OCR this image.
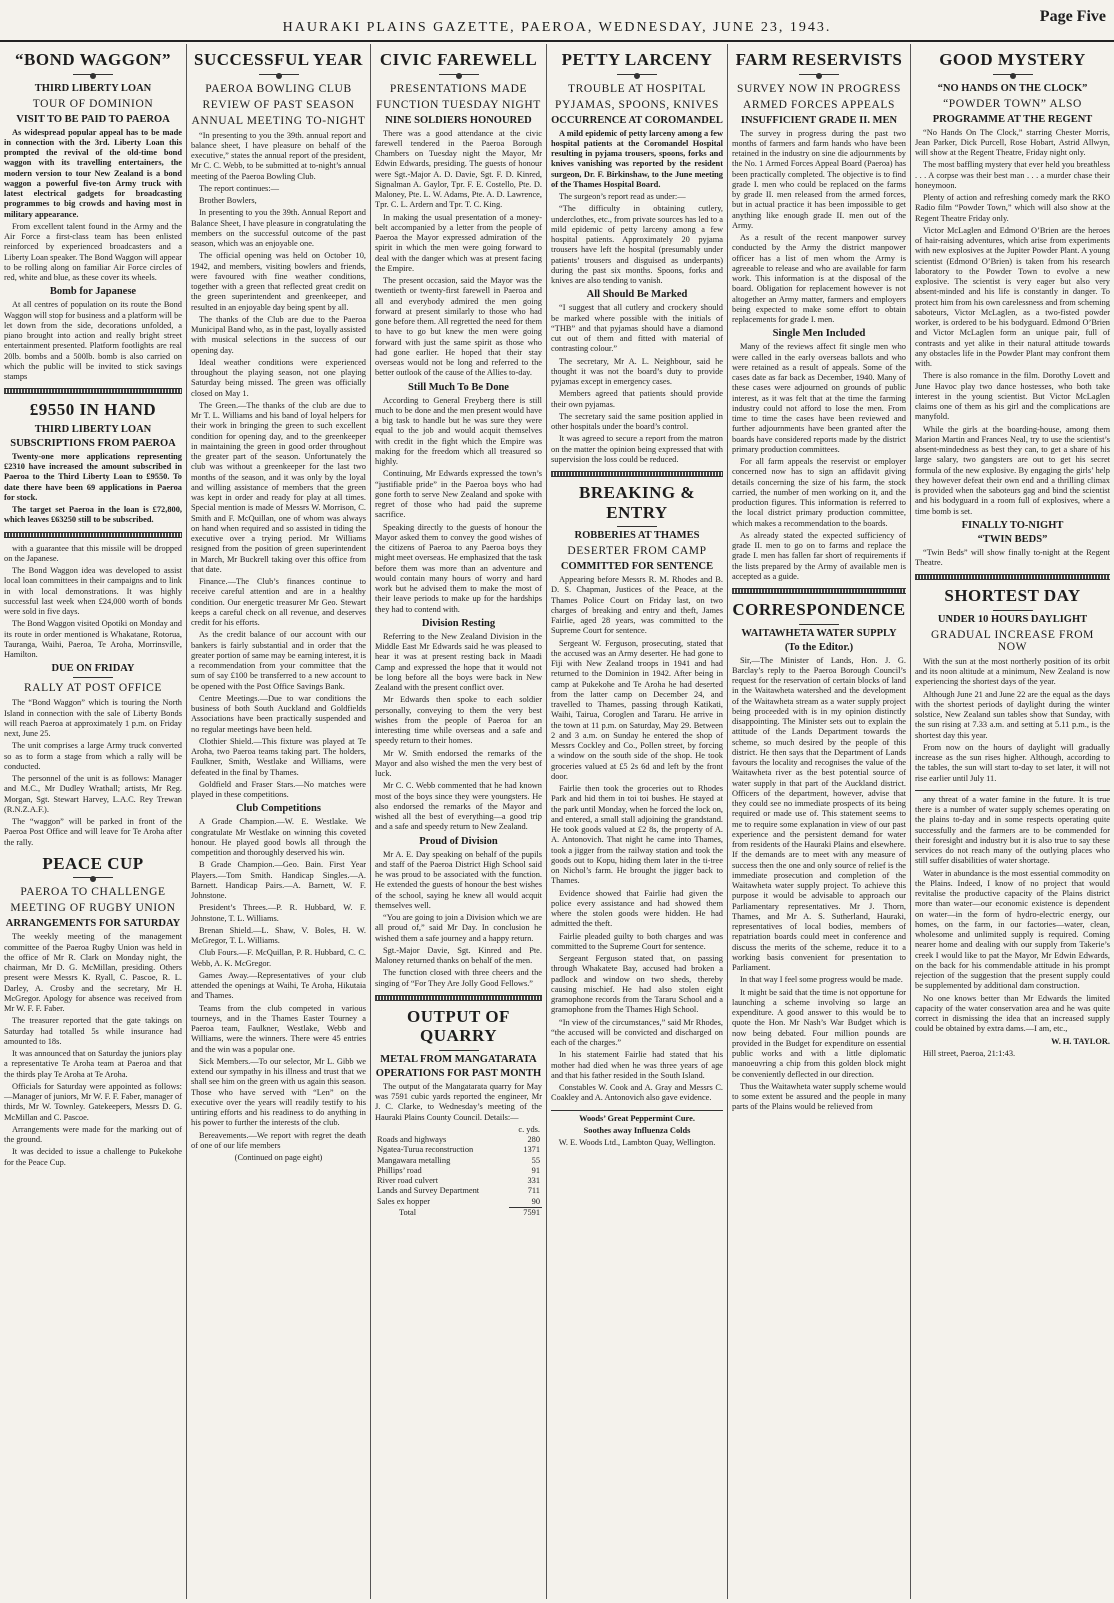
HAURAKI PLAINS GAZETTE, PAEROA, WEDNESDAY, JUNE 23, 1943.
Page Five
“BOND WAGGON”
THIRD LIBERTY LOAN
TOUR OF DOMINION
VISIT TO BE PAID TO PAEROA

As widespread popular appeal has to be made in connection with the 3rd. Liberty Loan this prompted the revival of the old-time bond waggon with its travelling entertainers, the modern version to tour New Zealand is a bond waggon a powerful five-ton Army truck with latest electrical gadgets for broadcasting programmes to big crowds and having most in military appearance.

From excellent talent found in the Army and the Air Force a first-class team has been enlisted reinforced by experienced broadcasters and a Liberty Loan speaker. The Bond Waggon will appear to be rolling along on familiar Air Force circles of red, white and blue, as these cover its wheels.

Bomb for Japanese

At all centres of population on its route the Bond Waggon will stop for business and a platform will be let down from the side, decorations unfolded, a piano brought into action and really bright street entertainment presented. Platform footlights are real 20lb. bombs and a 500lb. bomb is also carried on which the public will be invited to stick savings stamps

£9550 IN HAND
THIRD LIBERTY LOAN
SUBSCRIPTIONS FROM PAEROA

Twenty-one more applications representing £2310 have increased the amount subscribed in Paeroa to the Third Liberty Loan to £9550. To date there have been 69 applications in Paeroa for stock.

The target set Paeroa in the loan is £72,800, which leaves £63250 still to be subscribed.

with a guarantee that this missile will be dropped on the Japanese.

The Bond Waggon idea was developed to assist local loan committees in their campaigns and to link in with local demonstrations. It was highly successful last week when £24,000 worth of bonds were sold in five days.

The Bond Waggon visited Opotiki on Monday and its route in order mentioned is Whakatane, Rotorua, Tauranga, Waihi, Paeroa, Te Aroha, Morrinsville, Hamilton.

DUE ON FRIDAY
RALLY AT POST OFFICE

The “Bond Waggon” which is touring the North Island in connection with the sale of Liberty Bonds will reach Paeroa at approximately 1 p.m. on Friday next, June 25.

The unit comprises a large Army truck converted so as to form a stage from which a rally will be conducted.

The personnel of the unit is as follows: Manager and M.C., Mr Dudley Wrathall; artists, Mr Reg. Morgan, Sgt. Stewart Harvey, L.A.C. Rey Trewan (R.N.Z.A.F.).

The “waggon” will be parked in front of the Paeroa Post Office and will leave for Te Aroha after the rally.

PEACE CUP
PAEROA TO CHALLENGE
MEETING OF RUGBY UNION
ARRANGEMENTS FOR SATURDAY

The weekly meeting of the management committee of the Paeroa Rugby Union was held in the office of Mr R. Clark on Monday night, the chairman, Mr D. G. McMillan, presiding. Others present were Messrs K. Ryall, C. Pascoe, R. L. Darley, A. Crosby and the secretary, Mr H. McGregor. Apology for absence was received from Mr W. F. F. Faber.

The treasurer reported that the gate takings on Saturday had totalled 5s while insurance had amounted to 18s.

It was announced that on Saturday the juniors play a representative Te Aroha team at Paeroa and that the thirds play Te Aroha at Te Aroha.

Officials for Saturday were appointed as follows:—Manager of juniors, Mr W. F. F. Faber, manager of thirds, Mr W. Townley. Gatekeepers, Messrs D. G. McMillan and C. Pascoe.

Arrangements were made for the marking out of the ground.

It was decided to issue a challenge to Pukekohe for the Peace Cup.

SUCCESSFUL YEAR
PAEROA BOWLING CLUB
REVIEW OF PAST SEASON
ANNUAL MEETING TO-NIGHT

“In presenting to you the 39th. annual report and balance sheet, I have pleasure on behalf of the executive,” states the annual report of the president, Mr C. C. Webb, to be submitted at to-night’s annual meeting of the Paeroa Bowling Club.

The report continues:—

Brother Bowlers,

In presenting to you the 39th. Annual Report and Balance Sheet, I have pleasure in congratulating the members on the successful outcome of the past season, which was an enjoyable one.

The official opening was held on October 10, 1942, and members, visiting bowlers and friends, were favoured with fine weather conditions, together with a green that reflected great credit on the green superintendent and greenkeeper, and resulted in an enjoyable day being spent by all.

The thanks of the Club are due to the Paeroa Municipal Band who, as in the past, loyally assisted with musical selections in the success of our opening day.

Ideal weather conditions were experienced throughout the playing season, not one playing Saturday being missed. The green was officially closed on May 1.

The Green.—The thanks of the club are due to Mr T. L. Williams and his band of loyal helpers for their work in bringing the green to such excellent condition for opening day, and to the greenkeeper in maintaining the green in good order throughout the greater part of the season. Unfortunately the club was without a greenkeeper for the last two months of the season, and it was only by the loyal and willing assistance of members that the green was kept in order and ready for play at all times. Special mention is made of Messrs W. Morrison, C. Smith and F. McQuillan, one of whom was always on hand when required and so assisted in tiding the executive over a trying period. Mr Williams resigned from the position of green superintendent in March, Mr Buckrell taking over this office from that date.

Finance.—The Club’s finances continue to receive careful attention and are in a healthy condition. Our energetic treasurer Mr Geo. Stewart keeps a careful check on all revenue, and deserves credit for his efforts.

As the credit balance of our account with our bankers is fairly substantial and in order that the greater portion of same may be earning interest, it is a recommendation from your committee that the sum of say £100 be transferred to a new account to be opened with the Post Office Savings Bank.

Centre Meetings.—Due to war conditions the business of both South Auckland and Goldfields Associations have been practically suspended and no regular meetings have been held.

Clothier Shield.—This fixture was played at Te Aroha, two Paeroa teams taking part. The holders, Faulkner, Smith, Westlake and Williams, were defeated in the final by Thames.

Goldfield and Fraser Stars.—No matches were played in these competitions.

Club Competitions

A Grade Champion.—W. E. Westlake. We congratulate Mr Westlake on winning this coveted honour. He played good bowls all through the competition and thoroughly deserved his win.

B Grade Champion.—Geo. Bain. First Year Players.—Tom Smith. Handicap Singles.—A. Barnett. Handicap Pairs.—A. Barnett, W. F. Johnstone.

President’s Threes.—P. R. Hubbard, W. F. Johnstone, T. L. Williams.

Brenan Shield.—L. Shaw, V. Boles, H. W. McGregor, T. L. Williams.

Club Fours.—F. McQuillan, P. R. Hubbard, C. C. Webb, A. K. McGregor.

Games Away.—Representatives of your club attended the openings at Waihi, Te Aroha, Hikutaia and Thames.

Teams from the club competed in various tourneys, and in the Thames Easter Tourney a Paeroa team, Faulkner, Westlake, Webb and Williams, were the winners. There were 45 entries and the win was a popular one.

Sick Members.—To our selector, Mr L. Gibb we extend our sympathy in his illness and trust that we shall see him on the green with us again this season. Those who have served with “Len” on the executive over the years will readily testify to his untiring efforts and his readiness to do anything in his power to further the interests of the club.

Bereavements.—We report with regret the death of one of our life members

(Continued on page eight)

CIVIC FAREWELL
PRESENTATIONS MADE
FUNCTION TUESDAY NIGHT
NINE SOLDIERS HONOURED

There was a good attendance at the civic farewell tendered in the Paeroa Borough Chambers on Tuesday night the Mayor, Mr Edwin Edwards, presiding. The guests of honour were Sgt.-Major A. D. Davie, Sgt. F. D. Kinred, Signalman A. Gaylor, Tpr. F. E. Costello, Pte. D. Maloney, Pte. L. W. Adams, Pte. A. D. Lawrence, Tpr. C. L. Ardern and Tpr. T. C. King.

In making the usual presentation of a money-belt accompanied by a letter from the people of Paeroa the Mayor expressed admiration of the spirit in which the men were going forward to deal with the danger which was at present facing the Empire.

The present occasion, said the Mayor was the twentieth or twenty-first farewell in Paeroa and all and everybody admired the men going forward at present similarly to those who had gone before them. All regretted the need for them to have to go but knew the men were going forward with just the same spirit as those who had gone earlier. He hoped that their stay overseas would not be long and referred to the better outlook of the cause of the Allies to-day.

Still Much To Be Done

According to General Freyberg there is still much to be done and the men present would have a big task to handle but he was sure they were equal to the job and would acquit themselves with credit in the fight which the Empire was making for the freedom which all treasured so highly.

Continuing, Mr Edwards expressed the town’s “justifiable pride” in the Paeroa boys who had gone forth to serve New Zealand and spoke with regret of those who had paid the supreme sacrifice.

Speaking directly to the guests of honour the Mayor asked them to convey the good wishes of the citizens of Paeroa to any Paeroa boys they might meet overseas. He emphasized that the task before them was more than an adventure and would contain many hours of worry and hard work but he advised them to make the most of their leave periods to make up for the hardships they had to contend with.

Division Resting

Referring to the New Zealand Division in the Middle East Mr Edwards said he was pleased to hear it was at present resting back in Maadi Camp and expressed the hope that it would not be long before all the boys were back in New Zealand with the present conflict over.

Mr Edwards then spoke to each soldier personally, conveying to them the very best wishes from the people of Paeroa for an interesting time while overseas and a safe and speedy return to their homes.

Mr W. Smith endorsed the remarks of the Mayor and also wished the men the very best of luck.

Mr C. C. Webb commented that he had known most of the boys since they were youngsters. He also endorsed the remarks of the Mayor and wished all the best of everything—a good trip and a safe and speedy return to New Zealand.

Proud of Division

Mr A. E. Day speaking on behalf of the pupils and staff of the Paeroa District High School said he was proud to be associated with the function. He extended the guests of honour the best wishes of the school, saying he knew all would acquit themselves well.

“You are going to join a Division which we are all proud of,” said Mr Day. In conclusion he wished them a safe journey and a happy return.

Sgt.-Major Davie, Sgt. Kinred and Pte. Maloney returned thanks on behalf of the men.

The function closed with three cheers and the singing of “For They Are Jolly Good Fellows.”

OUTPUT OF QUARRY
METAL FROM MANGATARATA
OPERATIONS FOR PAST MONTH

The output of the Mangatarata quarry for May was 7591 cubic yards reported the engineer, Mr J. C. Clarke, to Wednesday’s meeting of the Hauraki Plains County Council. Details:—

	c. yds.
Roads and highways	280
Ngatea-Turua reconstruction	1371
Mangawara metalling	55
Phillips’ road	91
River road culvert	331
Lands and Survey Department	711
Sales ex hopper	90
Total	7591
PETTY LARCENY
TROUBLE AT HOSPITAL
PYJAMAS, SPOONS, KNIVES
OCCURRENCE AT COROMANDEL

A mild epidemic of petty larceny among a few hospital patients at the Coromandel Hospital resulting in pyjama trousers, spoons, forks and knives vanishing was reported by the resident surgeon, Dr. F. Birkinshaw, to the June meeting of the Thames Hospital Board.

The surgeon’s report read as under:—

“The difficulty in obtaining cutlery, underclothes, etc., from private sources has led to a mild epidemic of petty larceny among a few hospital patients. Approximately 20 pyjama trousers have left the hospital (presumably under patients’ trousers and disguised as underpants) during the past six months. Spoons, forks and knives are also tending to vanish.

All Should Be Marked

“I suggest that all cutlery and crockery should be marked where possible with the initials of “THB” and that pyjamas should have a diamond cut out of them and fitted with material of contrasting colour.”

The secretary, Mr A. L. Neighbour, said he thought it was not the board’s duty to provide pyjamas except in emergency cases.

Members agreed that patients should provide their own pyjamas.

The secretary said the same position applied in other hospitals under the board’s control.

It was agreed to secure a report from the matron on the matter the opinion being expressed that with supervision the loss could be reduced.

BREAKING & ENTRY
ROBBERIES AT THAMES
DESERTER FROM CAMP
COMMITTED FOR SENTENCE

Appearing before Messrs R. M. Rhodes and B. D. S. Chapman, Justices of the Peace, at the Thames Police Court on Friday last, on two charges of breaking and entry and theft, James Fairlie, aged 28 years, was committed to the Supreme Court for sentence.

Sergeant W. Ferguson, prosecuting, stated that the accused was an Army deserter. He had gone to Fiji with New Zealand troops in 1941 and had returned to the Dominion in 1942. After being in camp at Pukekohe and Te Aroha he had deserted from the latter camp on December 24, and travelled to Thames, passing through Katikati, Waihi, Tairua, Coroglen and Tararu. He arrive in the town at 11 p.m. on Saturday, May 29. Between 2 and 3 a.m. on Sunday he entered the shop of Messrs Cockley and Co., Pollen street, by forcing a window on the south side of the shop. He took groceries valued at £5 2s 6d and left by the front door.

Fairlie then took the groceries out to Rhodes Park and hid them in toi toi bushes. He stayed at the park until Monday, when he forced the lock on, and entered, a small stall adjoining the grandstand. He took goods valued at £2 8s, the property of A. A. Antonovich. That night he came into Thames, took a jigger from the railway station and took the goods out to Kopu, hiding them later in the ti-tree on Nichol’s farm. He brought the jigger back to Thames.

Evidence showed that Fairlie had given the police every assistance and had showed them where the stolen goods were hidden. He had admitted the theft.

Fairlie pleaded guilty to both charges and was committed to the Supreme Court for sentence.

Sergeant Ferguson stated that, on passing through Whakatete Bay, accused had broken a padlock and window on two sheds, thereby causing mischief. He had also stolen eight gramophone records from the Tararu School and a gramophone from the Thames High School.

“In view of the circumstances,” said Mr Rhodes, “the accused will be convicted and discharged on each of the charges.”

In his statement Fairlie had stated that his mother had died when he was three years of age and that his father resided in the South Island.

Constables W. Cook and A. Gray and Messrs C. Coakley and A. Antonovich also gave evidence.

Woods’ Great Peppermint Cure.

Soothes away Influenza Colds

W. E. Woods Ltd., Lambton Quay, Wellington.

FARM RESERVISTS
SURVEY NOW IN PROGRESS
ARMED FORCES APPEALS
INSUFFICIENT GRADE II. MEN

The survey in progress during the past two months of farmers and farm hands who have been retained in the industry on sine die adjournments by the No. 1 Armed Forces Appeal Board (Paeroa) has been practically completed. The objective is to find grade I. men who could be replaced on the farms by grade II. men released from the armed forces, but in actual practice it has been impossible to get anything like enough grade II. men out of the Army.

As a result of the recent manpower survey conducted by the Army the district manpower officer has a list of men whom the Army is agreeable to release and who are available for farm work. This information is at the disposal of the board. Obligation for replacement however is not altogether an Army matter, farmers and employers being expected to make some effort to obtain replacements for grade I. men.

Single Men Included

Many of the reviews affect fit single men who were called in the early overseas ballots and who were retained as a result of appeals. Some of the cases date as far back as December, 1940. Many of these cases were adjourned on grounds of public interest, as it was felt that at the time the farming industry could not afford to lose the men. From time to time the cases have been reviewed and further adjournments have been granted after the boards have considered reports made by the district primary production committees.

For all farm appeals the reservist or employer concerned now has to sign an affidavit giving details concerning the size of his farm, the stock carried, the number of men working on it, and the production figures. This information is referred to the local district primary production committee, which makes a recommendation to the boards.

As already stated the expected sufficiency of grade II. men to go on to farms and replace the grade I. men has fallen far short of requirements if the lists prepared by the Army of available men is accepted as a guide.

CORRESPONDENCE
WAITAWHETA WATER SUPPLY
(To the Editor.)

Sir,—The Minister of Lands, Hon. J. G. Barclay’s reply to the Paeroa Borough Council’s request for the reservation of certain blocks of land in the Waitawheta watershed and the development of the Waitawheta stream as a water supply project being proceeded with is in my opinion distinctly disappointing. The Minister sets out to explain the attitude of the Lands Department towards the scheme, so much desired by the people of this district. He then says that the Department of Lands favours the locality and recognises the value of the Waitawheta river as the best potential source of water supply in that part of the Auckland district. Officers of the department, however, advise that they could see no immediate prospects of its being required or made use of. This statement seems to me to require some explanation in view of our past experience and the persistent demand for water from residents of the Hauraki Plains and elsewhere. If the demands are to meet with any measure of success then the one and only source of relief is the immediate prosecution and completion of the Waitawheta water supply project. To achieve this purpose it would be advisable to approach our Parliamentary representatives. Mr J. Thorn, Thames, and Mr A. S. Sutherland, Hauraki, representatives of local bodies, members of repatriation boards could meet in conference and discuss the merits of the scheme, reduce it to a working basis convenient for presentation to Parliament.

In that way I feel some progress would be made.

It might be said that the time is not opportune for launching a scheme involving so large an expenditure. A good answer to this would be to quote the Hon. Mr Nash’s War Budget which is now being debated. Four million pounds are provided in the Budget for expenditure on essential public works and with a little diplomatic manoeuvring a chip from this golden block might be conveniently deflected in our direction.

Thus the Waitawheta water supply scheme would to some extent be assured and the people in many parts of the Plains would be relieved from

GOOD MYSTERY
“NO HANDS ON THE CLOCK”
“POWDER TOWN” ALSO
PROGRAMME AT THE REGENT

“No Hands On The Clock,” starring Chester Morris, Jean Parker, Dick Purcell, Rose Hobart, Astrid Allwyn, will show at the Regent Theatre, Friday night only.

The most baffling mystery that ever held you breathless . . . A corpse was their best man . . . a murder chase their honeymoon.

Plenty of action and refreshing comedy mark the RKO Radio film “Powder Town,” which will also show at the Regent Theatre Friday only.

Victor McLaglen and Edmond O’Brien are the heroes of hair-raising adventures, which arise from experiments with new explosives at the Jupiter Powder Plant. A young scientist (Edmond O’Brien) is taken from his research laboratory to the Powder Town to evolve a new explosive. The scientist is very eager but also very absent-minded and his life is constantly in danger. To protect him from his own carelessness and from scheming saboteurs, Victor McLaglen, as a two-fisted powder worker, is ordered to be his bodyguard. Edmond O’Brien and Victor McLaglen form an unique pair, full of contrasts and yet alike in their natural attitude towards any obstacles life in the Powder Plant may confront them with.

There is also romance in the film. Dorothy Lovett and June Havoc play two dance hostesses, who both take interest in the young scientist. But Victor McLaglen claims one of them as his girl and the complications are manyfold.

While the girls at the boarding-house, among them Marion Martin and Frances Neal, try to use the scientist’s absent-mindedness as best they can, to get a share of his large salary, two gangsters are out to get his secret formula of the new explosive. By engaging the girls’ help they however defeat their own end and a thrilling climax is provided when the saboteurs gag and bind the scientist and his bodyguard in a room full of explosives, where a time bomb is set.

FINALLY TO-NIGHT
“TWIN BEDS”

“Twin Beds” will show finally to-night at the Regent Theatre.

SHORTEST DAY
UNDER 10 HOURS DAYLIGHT
GRADUAL INCREASE FROM NOW

With the sun at the most northerly position of its orbit and its noon altitude at a minimum, New Zealand is now experiencing the shortest days of the year.

Although June 21 and June 22 are the equal as the days with the shortest periods of daylight during the winter solstice, New Zealand sun tables show that Sunday, with the sun rising at 7.33 a.m. and setting at 5.11 p.m., is the shortest day this year.

From now on the hours of daylight will gradually increase as the sun rises higher. Although, according to the tables, the sun will start to-day to set later, it will not rise earlier until July 11.

any threat of a water famine in the future. It is true there is a number of water supply schemes operating on the plains to-day and in some respects operating quite successfully and the farmers are to be commended for their foresight and industry but it is also true to say these services do not reach many of the outlying places who still suffer disabilities of water shortage.

Water in abundance is the most essential commodity on the Plains. Indeed, I know of no project that would revitalise the productive capacity of the Plains district more than water—our economic existence is dependent on water—in the form of hydro-electric energy, our homes, on the farm, in our factories—water, clean, wholesome and unlimited supply is required. Coming nearer home and dealing with our supply from Takerie’s creek I would like to pat the Mayor, Mr Edwin Edwards, on the back for his commendable attitude in his prompt rejection of the suggestion that the present supply could be supplemented by additional dam construction.

No one knows better than Mr Edwards the limited capacity of the water conservation area and he was quite correct in dismissing the idea that an increased supply could be obtained by extra dams.—I am, etc.,

W. H. TAYLOR.

Hill street, Paeroa, 21:1:43.
